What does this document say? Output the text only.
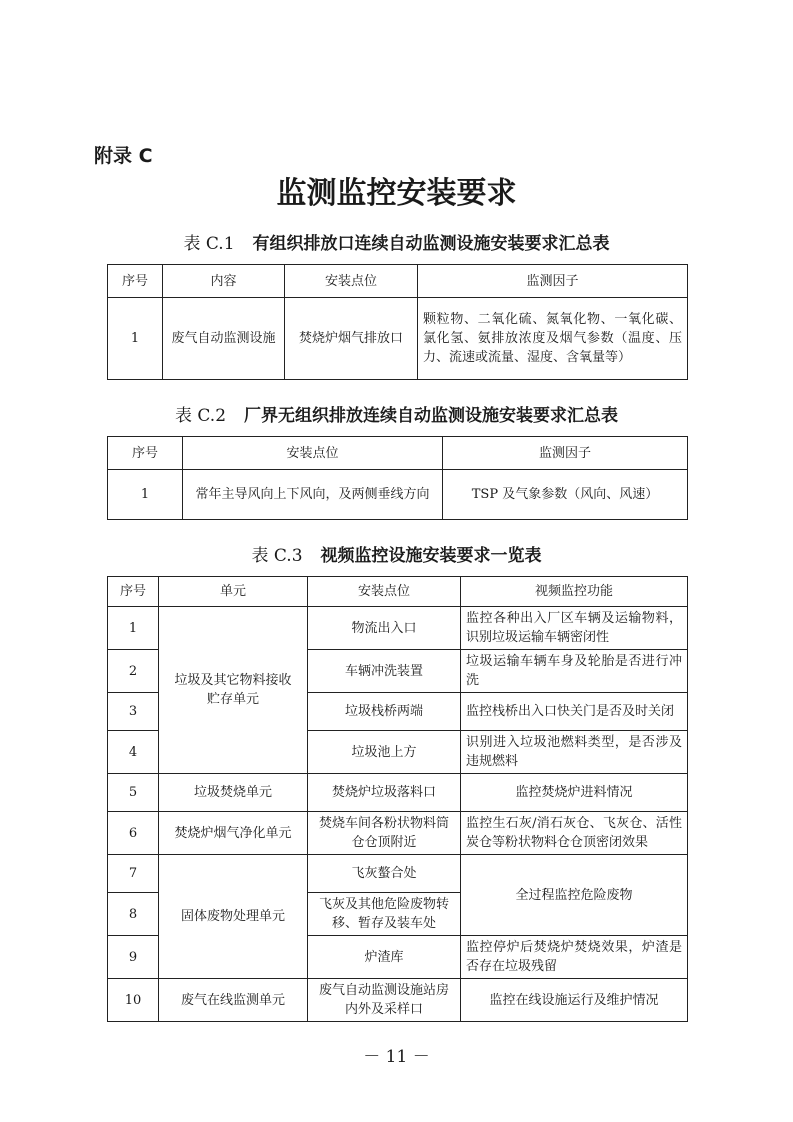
附录 C
监测监控安装要求
表 C.1 有组织排放口连续自动监测设施安装要求汇总表
序号	内容	安装点位	监测因子
1	废气自动监测设施	焚烧炉烟气排放口	颗粒物、二氧化硫、氮氧化物、一氧化碳、氯化氢、氨排放浓度及烟气参数（温度、压力、流速或流量、湿度、含氧量等）
表 C.2 厂界无组织排放连续自动监测设施安装要求汇总表
序号	安装点位	监测因子
1	常年主导风向上下风向，及两侧垂线方向	TSP 及气象参数（风向、风速）
表 C.3 视频监控设施安装要求一览表
序号	单元	安装点位	视频监控功能
1	垃圾及其它物料接收贮存单元	物流出入口	监控各种出入厂区车辆及运输物料，识别垃圾运输车辆密闭性
2		车辆冲洗装置	垃圾运输车辆车身及轮胎是否进行冲洗
3		垃圾栈桥两端	监控栈桥出入口快关门是否及时关闭
4		垃圾池上方	识别进入垃圾池燃料类型，是否涉及违规燃料
5	垃圾焚烧单元	焚烧炉垃圾落料口	监控焚烧炉进料情况
6	焚烧炉烟气净化单元	焚烧车间各粉状物料筒仓仓顶附近	监控生石灰/消石灰仓、飞灰仓、活性炭仓等粉状物料仓仓顶密闭效果
7	固体废物处理单元	飞灰螯合处	全过程监控危险废物
8		飞灰及其他危险废物转移、暂存及装车处	
9		炉渣库	监控停炉后焚烧炉焚烧效果，炉渣是否存在垃圾残留
10	废气在线监测单元	废气自动监测设施站房内外及采样口	监控在线设施运行及维护情况
－ 11 －
